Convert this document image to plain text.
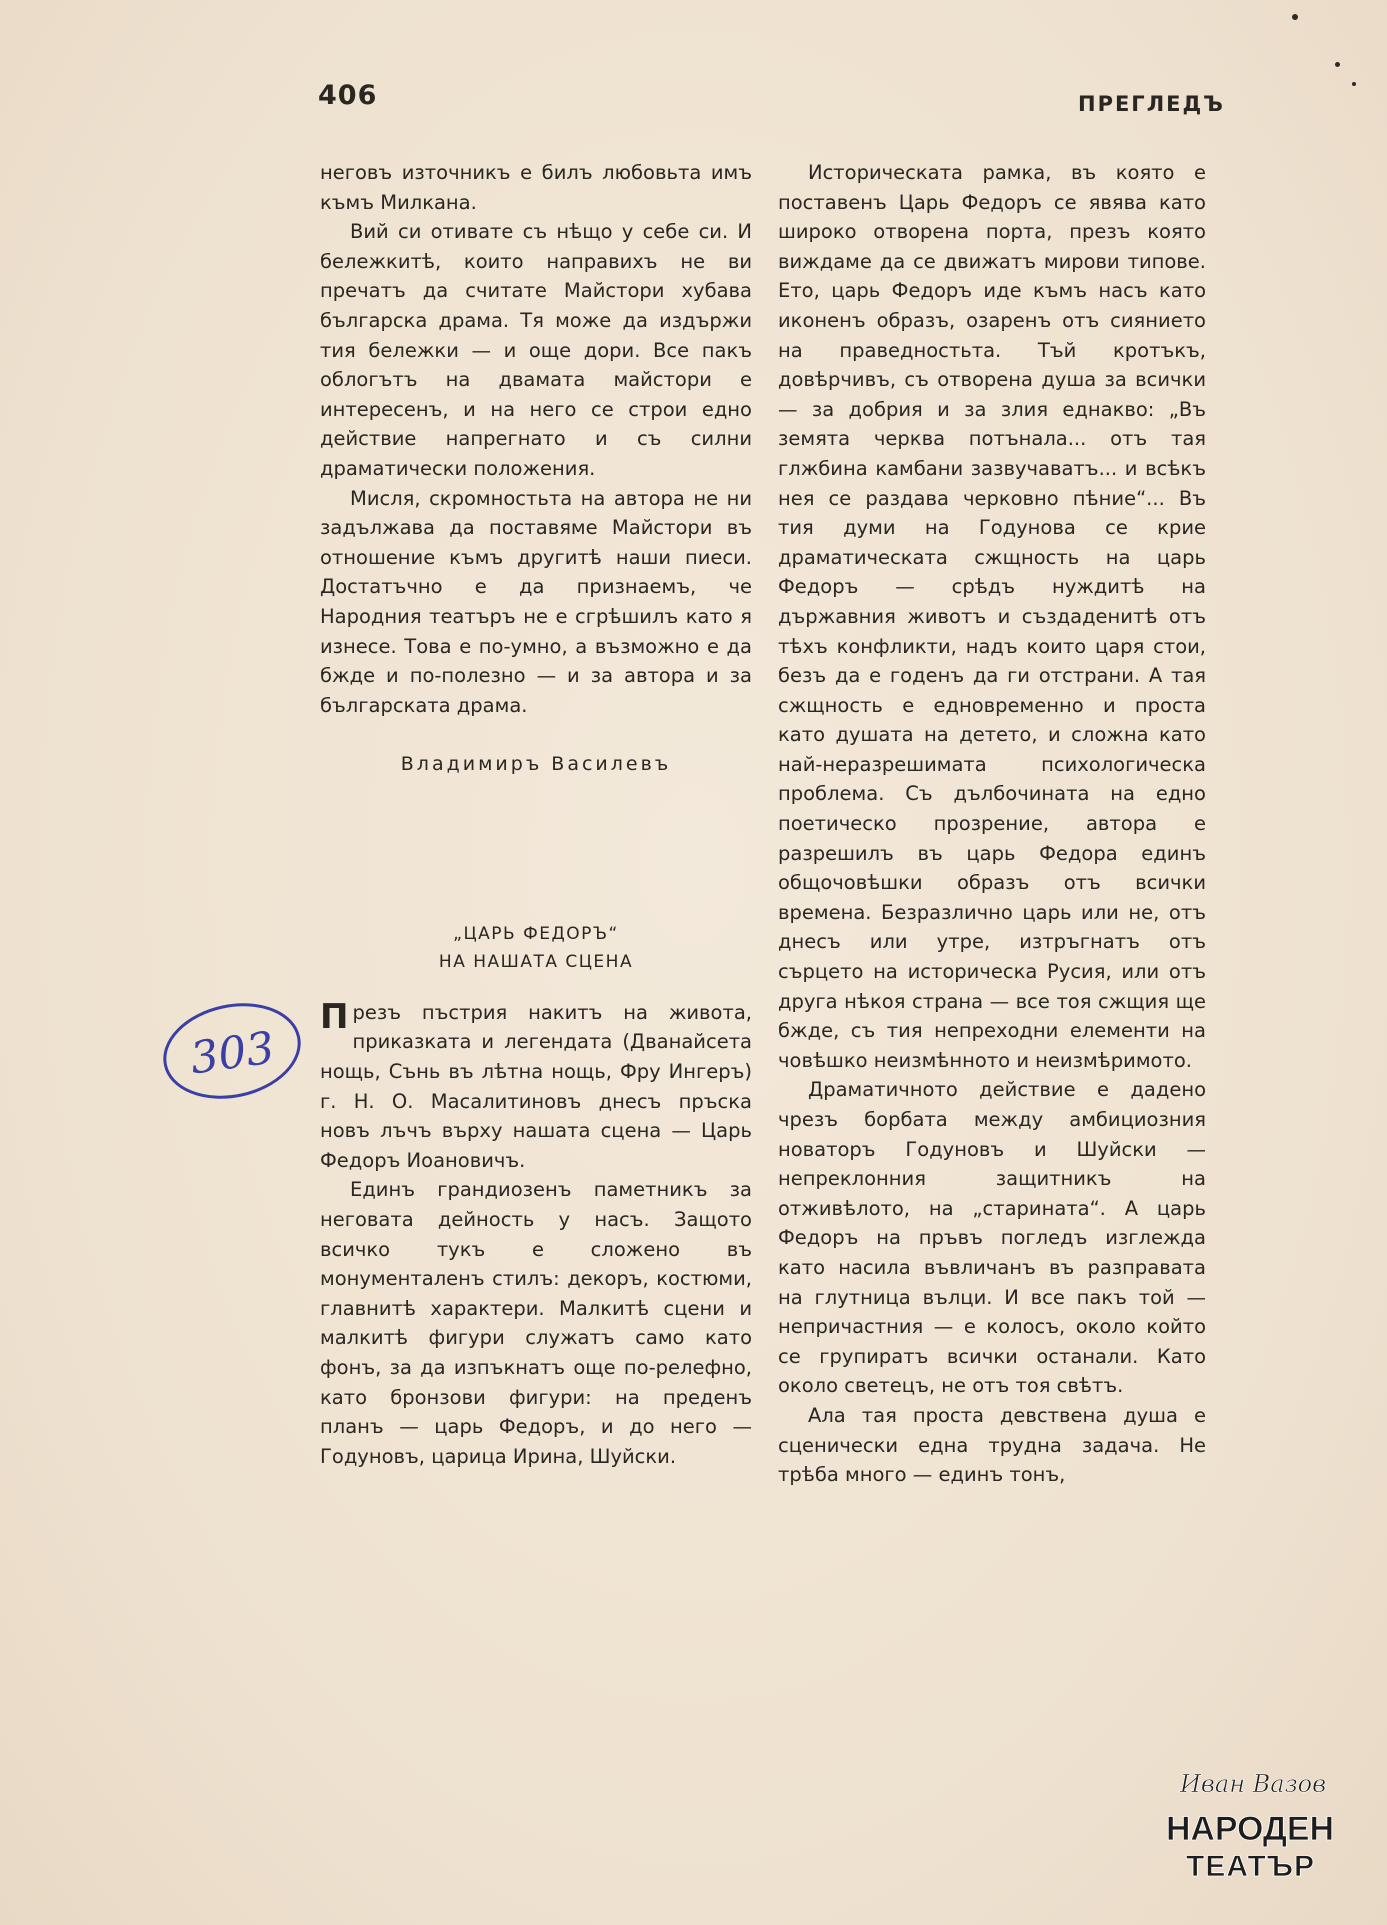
406	ПРЕГЛЕДЪ

неговъ източникъ е билъ любовьта имъ къмъ Милкана.

Вий си отивате съ нѣщо у себе си. И бележкитѣ, които направихъ не ви пречатъ да считате Майстори хубава българска драма. Тя може да издържи тия бележки — и още дори. Все пакъ облогътъ на двамата майстори е интересенъ, и на него се строи едно действие напрегнато и съ силни драматически положения.

Мисля, скромностьта на автора не ни задължава да поставяме Майстори въ отношение къмъ другитѣ наши пиеси. Достатъчно е да признаемъ, че Народния театъръ не е сгрѣшилъ като я изнесе. Това е по-умно, а възможно е да бжде и по-полезно — и за автора и за българската драма.

Владимиръ Василевъ
„ЦАРЬ ФЕДОРЪ“
НА НАШАТА СЦЕНА

Презъ пъстрия накитъ на живота, приказката и легендата (Дванайсета нощь, Сънь въ лѣтна нощь, Фру Ингеръ) г. Н. О. Масалитиновъ днесъ пръска новъ лъчъ върху нашата сцена — Царь Федоръ Иоановичъ.

Единъ грандиозенъ паметникъ за неговата дейность у насъ. Защото всичко тукъ е сложено въ монументаленъ стилъ: декоръ, костюми, главнитѣ характери. Малкитѣ сцени и малкитѣ фигури служатъ само като фонъ, за да изпъкнатъ още по-релефно, като бронзови фигури: на преденъ планъ — царь Федоръ, и до него — Годуновъ, царица Ирина, Шуйски.

Историческата рамка, въ която е поставенъ Царь Федоръ се явява като широко отворена порта, презъ която виждаме да се движатъ мирови типове. Ето, царь Федоръ иде къмъ насъ като иконенъ образъ, озаренъ отъ сиянието на праведностьта. Тъй кротъкъ, довѣрчивъ, съ отворена душа за всички — за добрия и за злия еднакво: „Въ земята черква потънала... отъ тая глжбина камбани зазвучаватъ... и всѣкъ нея се раздава черковно пѣние“... Въ тия думи на Годунова се крие драматическата сжщность на царь Федоръ — срѣдъ нуждитѣ на държавния животъ и създаденитѣ отъ тѣхъ конфликти, надъ които царя стои, безъ да е годенъ да ги отстрани. А тая сжщность е едновременно и проста като душата на детето, и сложна като най-неразрешимата психологическа проблема. Съ дълбочината на едно поетическо прозрение, автора е разрешилъ въ царь Федора единъ общочовѣшки образъ отъ всички времена. Безразлично царь или не, отъ днесъ или утре, изтръгнатъ отъ сърцето на историческа Русия, или отъ друга нѣкоя страна — все тоя сжщия ще бжде, съ тия непреходни елементи на човѣшко неизмѣнното и неизмѣримото.

Драматичното действие е дадено чрезъ борбата между амбициозния новаторъ Годуновъ и Шуйски — непреклонния защитникъ на отживѣлото, на „старината“. А царь Федоръ на пръвъ погледъ изглежда като насила въвличанъ въ разправата на глутница вълци. И все пакъ той — непричастния — е колосъ, около който се групиратъ всички останали. Като около светецъ, не отъ тоя свѣтъ.

Ала тая проста девствена душа е сценически една трудна задача. Не трѣба много — единъ тонъ,

303
Иван Вазов
НАРОДЕН
ТЕАТЪР
